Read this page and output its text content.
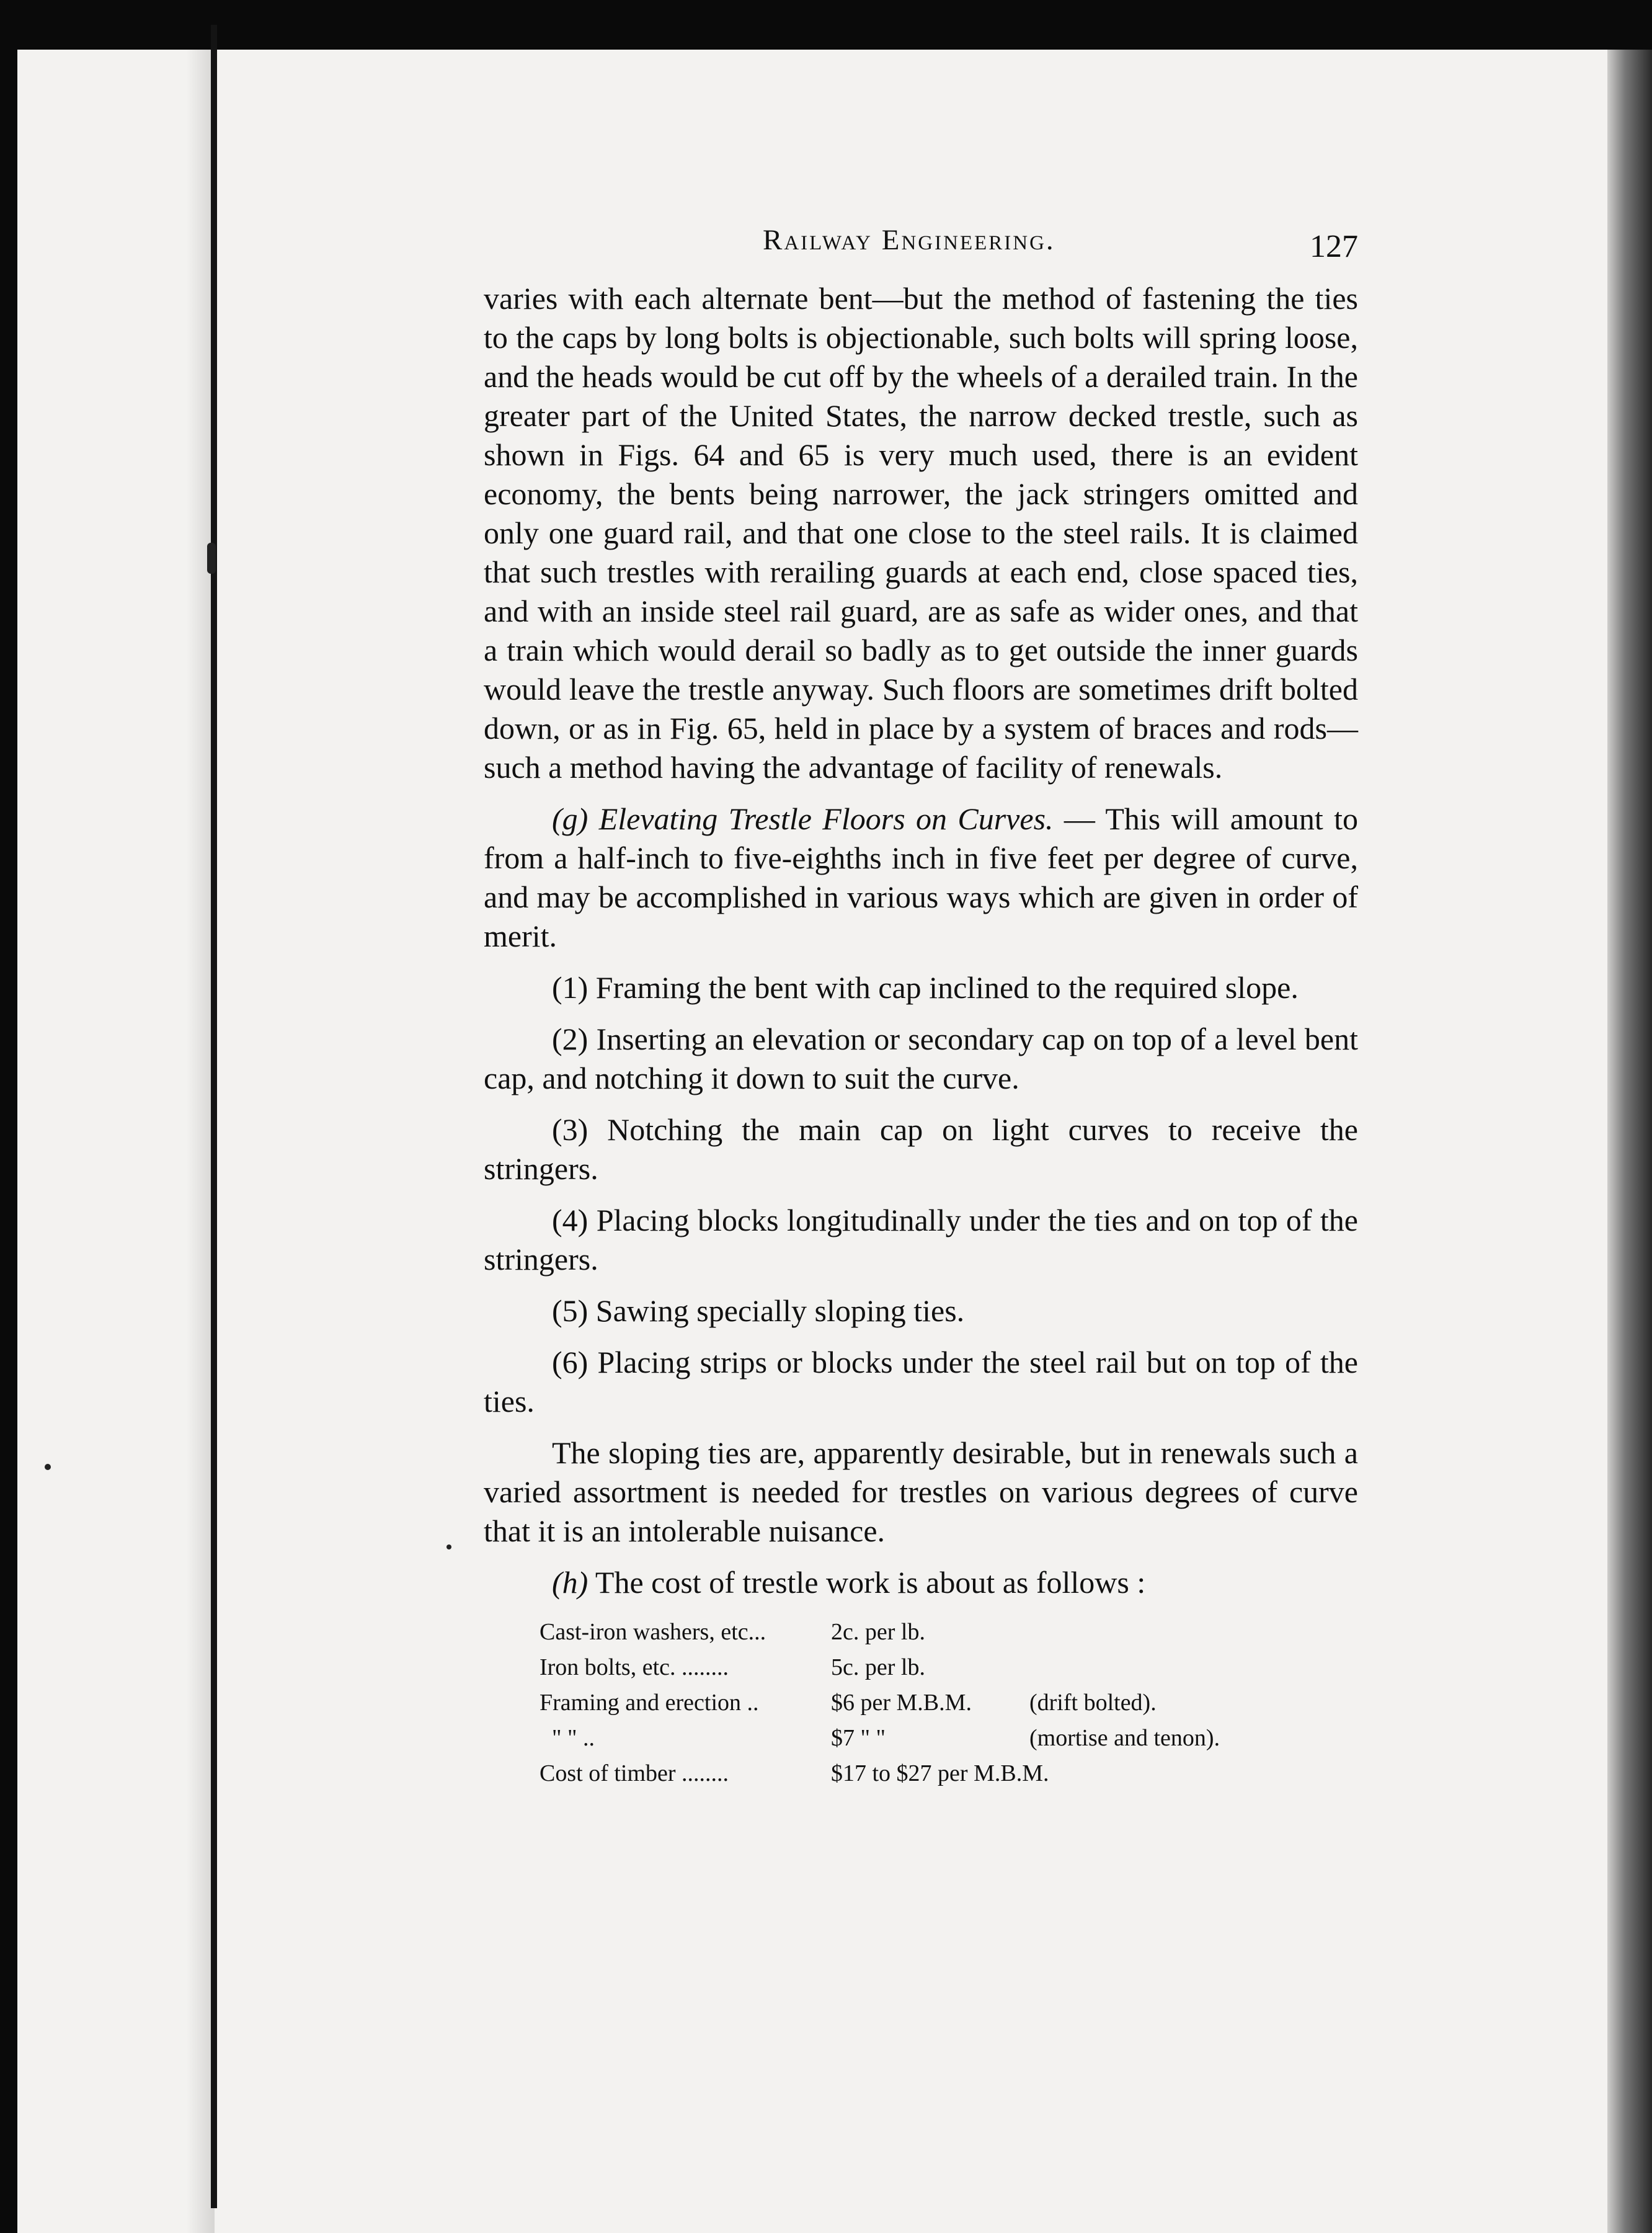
Railway Engineering.	127

varies with each alternate bent—but the method of fastening the ties to the caps by long bolts is objectionable, such bolts will spring loose, and the heads would be cut off by the wheels of a derailed train. In the greater part of the United States, the narrow decked trestle, such as shown in Figs. 64 and 65 is very much used, there is an evident economy, the bents being narrower, the jack stringers omitted and only one guard rail, and that one close to the steel rails. It is claimed that such trestles with rerailing guards at each end, close spaced ties, and with an inside steel rail guard, are as safe as wider ones, and that a train which would derail so badly as to get outside the inner guards would leave the trestle anyway. Such floors are sometimes drift bolted down, or as in Fig. 65, held in place by a system of braces and rods—such a method having the advantage of facility of renewals.

(g) Elevating Trestle Floors on Curves. — This will amount to from a half-inch to five-eighths inch in five feet per degree of curve, and may be accomplished in various ways which are given in order of merit.

(1) Framing the bent with cap inclined to the required slope.

(2) Inserting an elevation or secondary cap on top of a level bent cap, and notching it down to suit the curve.

(3) Notching the main cap on light curves to receive the stringers.

(4) Placing blocks longitudinally under the ties and on top of the stringers.

(5) Sawing specially sloping ties.

(6) Placing strips or blocks under the steel rail but on top of the ties.

The sloping ties are, apparently desirable, but in renewals such a varied assortment is needed for trestles on various degrees of curve that it is an intolerable nuisance.

(h) The cost of trestle work is about as follows :

Cast-iron washers, etc...	2c. per lb.
Iron bolts, etc. ........	5c. per lb.
Framing and erection ..	$6 per M.B.M. (drift bolted).
" " ..	$7 " "	(mortise and tenon).
Cost of timber ........	$17 to $27 per M.B.M.
